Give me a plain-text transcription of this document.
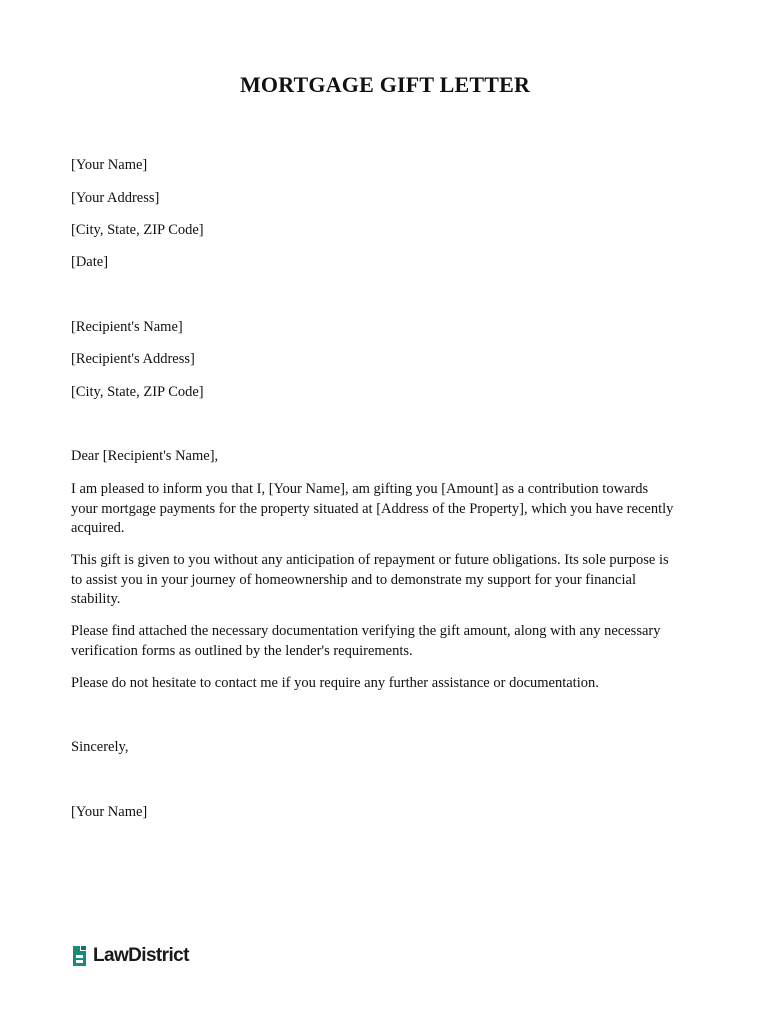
MORTGAGE GIFT LETTER
[Your Name]
[Your Address]
[City, State, ZIP Code]
[Date]
[Recipient's Name]
[Recipient's Address]
[City, State, ZIP Code]
Dear [Recipient's Name],
I am pleased to inform you that I, [Your Name], am gifting you [Amount] as a contribution towards
your mortgage payments for the property situated at [Address of the Property], which you have recently
acquired.
This gift is given to you without any anticipation of repayment or future obligations. Its sole purpose is
to assist you in your journey of homeownership and to demonstrate my support for your financial
stability.
Please find attached the necessary documentation verifying the gift amount, along with any necessary
verification forms as outlined by the lender's requirements.
Please do not hesitate to contact me if you require any further assistance or documentation.
Sincerely,
[Your Name]
LawDistrict
